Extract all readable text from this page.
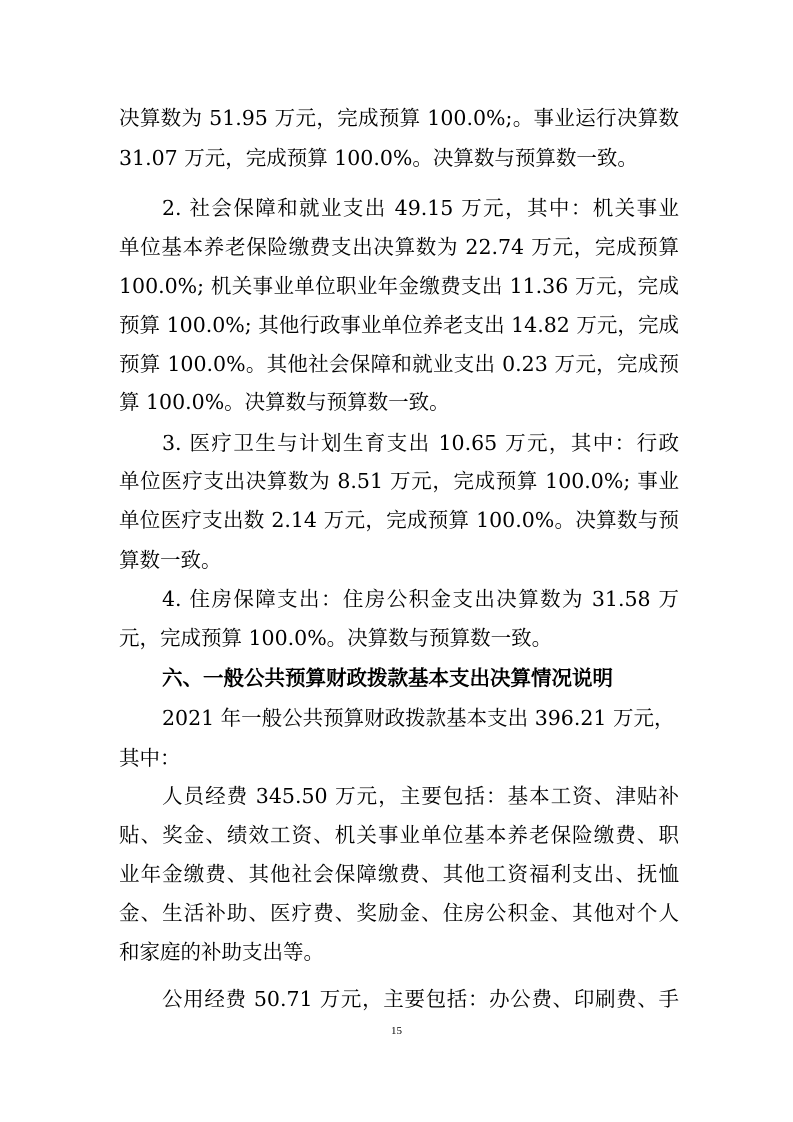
决算数为 51.95 万元，完成预算 100.0%;。事业运行决算数
31.07 万元，完成预算 100.0%。决算数与预算数一致。
2. 社会保障和就业支出 49.15 万元，其中：机关事业
单位基本养老保险缴费支出决算数为 22.74 万元，完成预算
100.0%; 机关事业单位职业年金缴费支出 11.36 万元，完成
预算 100.0%; 其他行政事业单位养老支出 14.82 万元，完成
预算 100.0%。其他社会保障和就业支出 0.23 万元，完成预
算 100.0%。决算数与预算数一致。
3. 医疗卫生与计划生育支出 10.65 万元，其中：行政
单位医疗支出决算数为 8.51 万元，完成预算 100.0%; 事业
单位医疗支出数 2.14 万元，完成预算 100.0%。决算数与预
算数一致。
4. 住房保障支出：住房公积金支出决算数为 31.58 万
元，完成预算 100.0%。决算数与预算数一致。
六、一般公共预算财政拨款基本支出决算情况说明
2021 年一般公共预算财政拨款基本支出 396.21 万元，
其中：
人员经费 345.50 万元，主要包括：基本工资、津贴补
贴、奖金、绩效工资、机关事业单位基本养老保险缴费、职
业年金缴费、其他社会保障缴费、其他工资福利支出、抚恤
金、生活补助、医疗费、奖励金、住房公积金、其他对个人
和家庭的补助支出等。
公用经费 50.71 万元，主要包括：办公费、印刷费、手
15
